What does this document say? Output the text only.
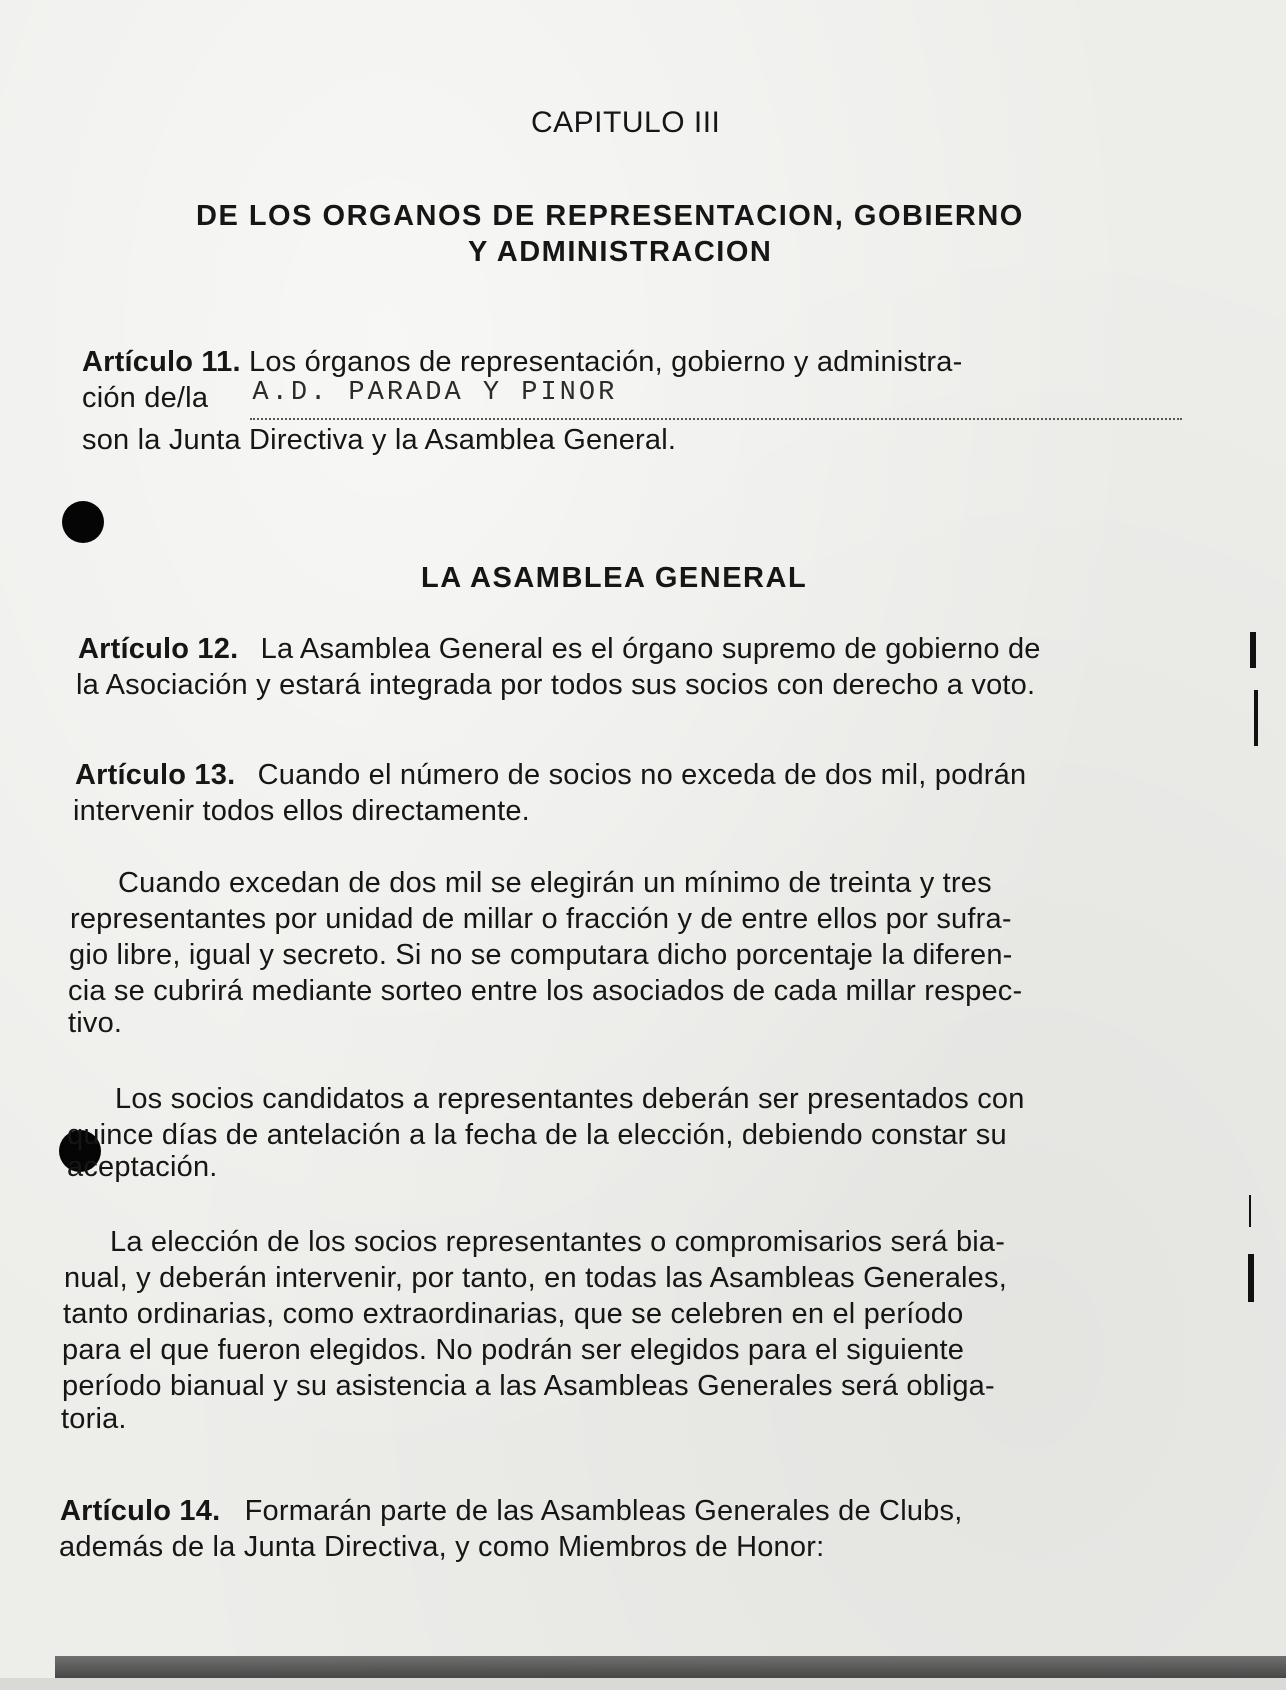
CAPITULO III
DE LOS ORGANOS DE REPRESENTACION, GOBIERNO
Y ADMINISTRACION
Artículo 11. Los órganos de representación, gobierno y administra-
ción de/la A.D. PARADA Y PINOR
son la Junta Directiva y la Asamblea General.
LA ASAMBLEA GENERAL
Artículo 12. La Asamblea General es el órgano supremo de gobierno de
la Asociación y estará integrada por todos sus socios con derecho a voto.
Artículo 13. Cuando el número de socios no exceda de dos mil, podrán
intervenir todos ellos directamente.
Cuando excedan de dos mil se elegirán un mínimo de treinta y tres
representantes por unidad de millar o fracción y de entre ellos por sufra-
gio libre, igual y secreto. Si no se computara dicho porcentaje la diferen-
cia se cubrirá mediante sorteo entre los asociados de cada millar respec-
tivo.
Los socios candidatos a representantes deberán ser presentados con
quince días de antelación a la fecha de la elección, debiendo constar su
aceptación.
La elección de los socios representantes o compromisarios será bia-
nual, y deberán intervenir, por tanto, en todas las Asambleas Generales,
tanto ordinarias, como extraordinarias, que se celebren en el período
para el que fueron elegidos. No podrán ser elegidos para el siguiente
período bianual y su asistencia a las Asambleas Generales será obliga-
toria.
Artículo 14. Formarán parte de las Asambleas Generales de Clubs,
además de la Junta Directiva, y como Miembros de Honor:
